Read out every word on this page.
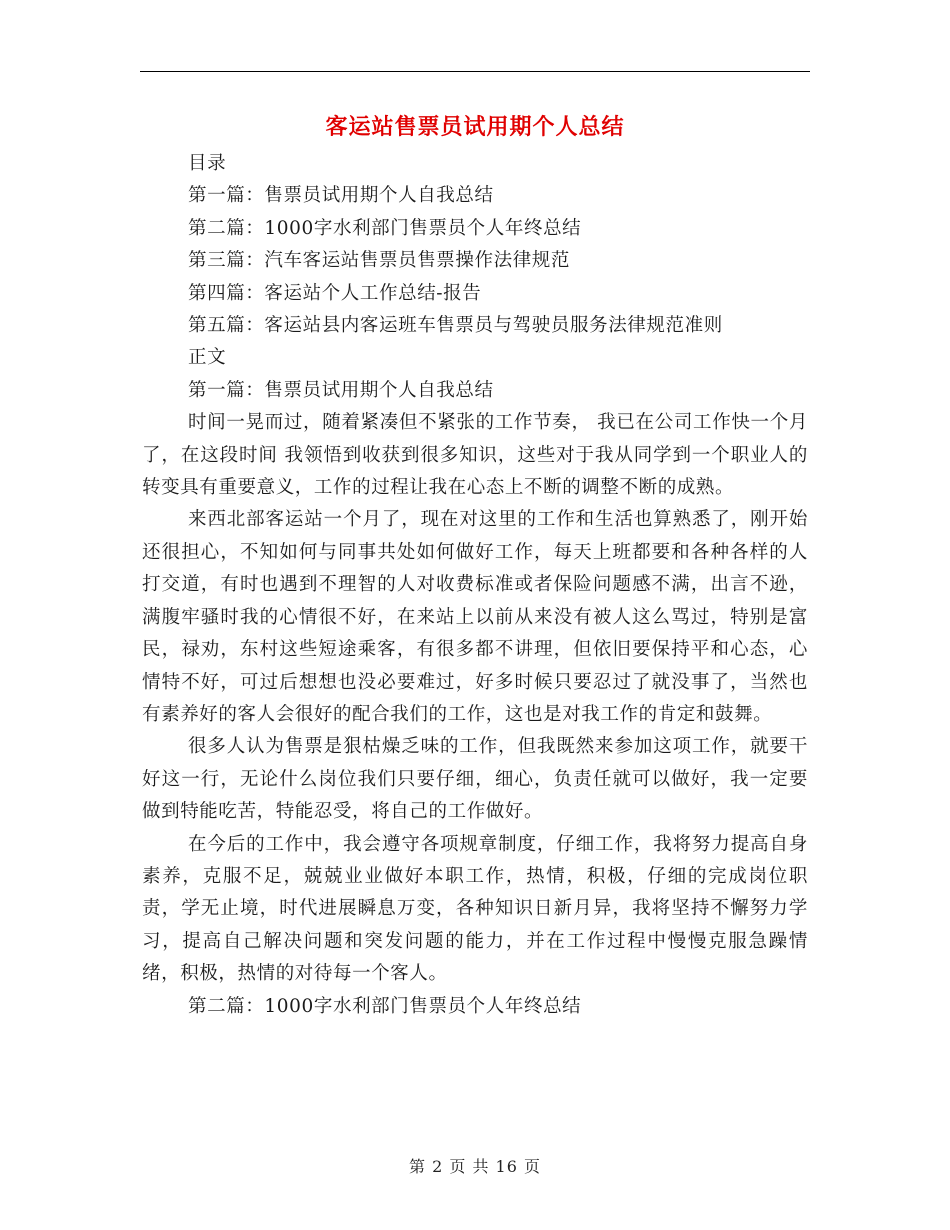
客运站售票员试用期个人总结

目录

第一篇：售票员试用期个人自我总结

第二篇：1000字水利部门售票员个人年终总结

第三篇：汽车客运站售票员售票操作法律规范

第四篇：客运站个人工作总结-报告

第五篇：客运站县内客运班车售票员与驾驶员服务法律规范准则

正文

第一篇：售票员试用期个人自我总结

时间一晃而过，随着紧凑但不紧张的工作节奏， 我已在公司工作快一个月了，在这段时间 我领悟到收获到很多知识，这些对于我从同学到一个职业人的转变具有重要意义，工作的过程让我在心态上不断的调整不断的成熟。

来西北部客运站一个月了，现在对这里的工作和生活也算熟悉了，刚开始还很担心，不知如何与同事共处如何做好工作，每天上班都要和各种各样的人打交道，有时也遇到不理智的人对收费标准或者保险问题感不满，出言不逊，满腹牢骚时我的心情很不好，在来站上以前从来没有被人这么骂过，特别是富民，禄劝，东村这些短途乘客，有很多都不讲理，但依旧要保持平和心态，心情特不好，可过后想想也没必要难过，好多时候只要忍过了就没事了，当然也有素养好的客人会很好的配合我们的工作，这也是对我工作的肯定和鼓舞。

很多人认为售票是狠枯燥乏味的工作，但我既然来参加这项工作，就要干好这一行，无论什么岗位我们只要仔细，细心，负责任就可以做好，我一定要做到特能吃苦，特能忍受，将自己的工作做好。

在今后的工作中，我会遵守各项规章制度，仔细工作，我将努力提高自身素养，克服不足，兢兢业业做好本职工作，热情，积极，仔细的完成岗位职责，学无止境，时代进展瞬息万变，各种知识日新月异，我将坚持不懈努力学习，提高自己解决问题和突发问题的能力，并在工作过程中慢慢克服急躁情绪，积极，热情的对待每一个客人。

第二篇：1000字水利部门售票员个人年终总结

第 2 页 共 16 页
